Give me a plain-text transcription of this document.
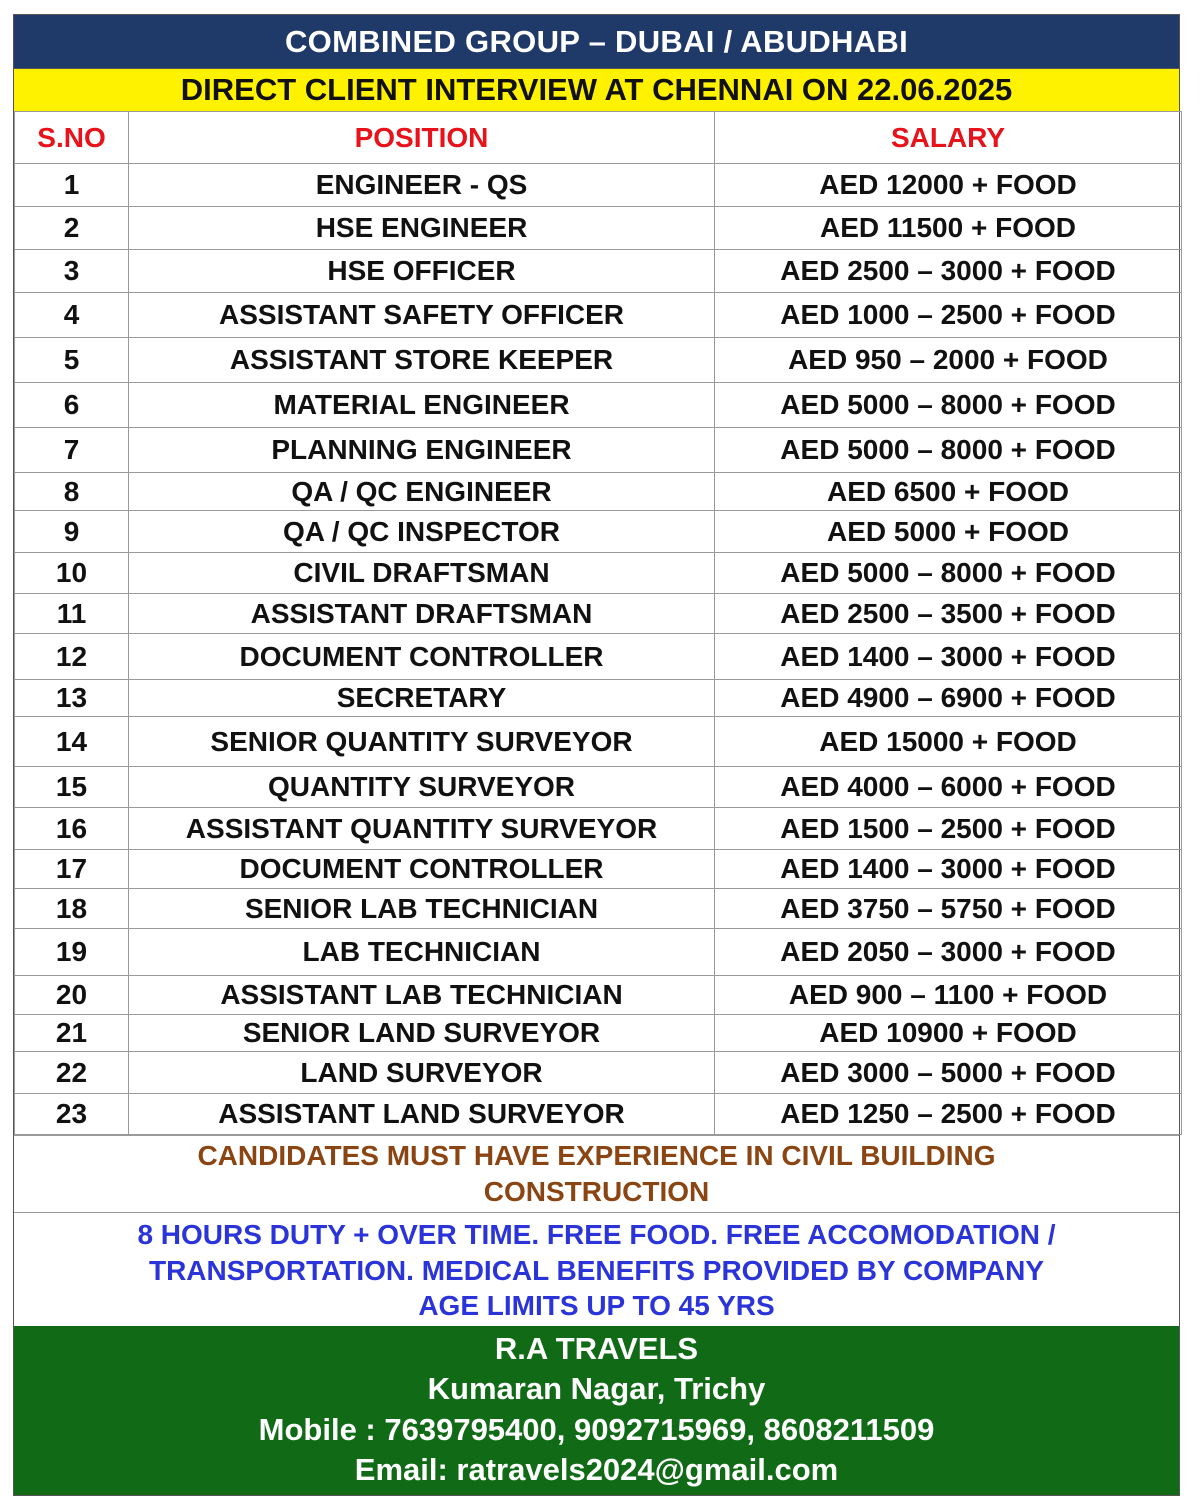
COMBINED GROUP – DUBAI / ABUDHABI
DIRECT CLIENT INTERVIEW AT CHENNAI ON 22.06.2025
S.NO	POSITION	SALARY
1	ENGINEER - QS	AED 12000 + FOOD
2	HSE ENGINEER	AED 11500 + FOOD
3	HSE OFFICER	AED 2500 – 3000 + FOOD
4	ASSISTANT SAFETY OFFICER	AED 1000 – 2500 + FOOD
5	ASSISTANT STORE KEEPER	AED 950 – 2000 + FOOD
6	MATERIAL ENGINEER	AED 5000 – 8000 + FOOD
7	PLANNING ENGINEER	AED 5000 – 8000 + FOOD
8	QA / QC ENGINEER	AED 6500 + FOOD
9	QA / QC INSPECTOR	AED 5000 + FOOD
10	CIVIL DRAFTSMAN	AED 5000 – 8000 + FOOD
11	ASSISTANT DRAFTSMAN	AED 2500 – 3500 + FOOD
12	DOCUMENT CONTROLLER	AED 1400 – 3000 + FOOD
13	SECRETARY	AED 4900 – 6900 + FOOD
14	SENIOR QUANTITY SURVEYOR	AED 15000 + FOOD
15	QUANTITY SURVEYOR	AED 4000 – 6000 + FOOD
16	ASSISTANT QUANTITY SURVEYOR	AED 1500 – 2500 + FOOD
17	DOCUMENT CONTROLLER	AED 1400 – 3000 + FOOD
18	SENIOR LAB TECHNICIAN	AED 3750 – 5750 + FOOD
19	LAB TECHNICIAN	AED 2050 – 3000 + FOOD
20	ASSISTANT LAB TECHNICIAN	AED 900 – 1100 + FOOD
21	SENIOR LAND SURVEYOR	AED 10900 + FOOD
22	LAND SURVEYOR	AED 3000 – 5000 + FOOD
23	ASSISTANT LAND SURVEYOR	AED 1250 – 2500 + FOOD
CANDIDATES MUST HAVE EXPERIENCE IN CIVIL BUILDING
CONSTRUCTION
8 HOURS DUTY + OVER TIME. FREE FOOD. FREE ACCOMODATION /
TRANSPORTATION. MEDICAL BENEFITS PROVIDED BY COMPANY
AGE LIMITS UP TO 45 YRS
R.A TRAVELS
Kumaran Nagar, Trichy
Mobile : 7639795400, 9092715969, 8608211509
Email: ratravels2024@gmail.com
